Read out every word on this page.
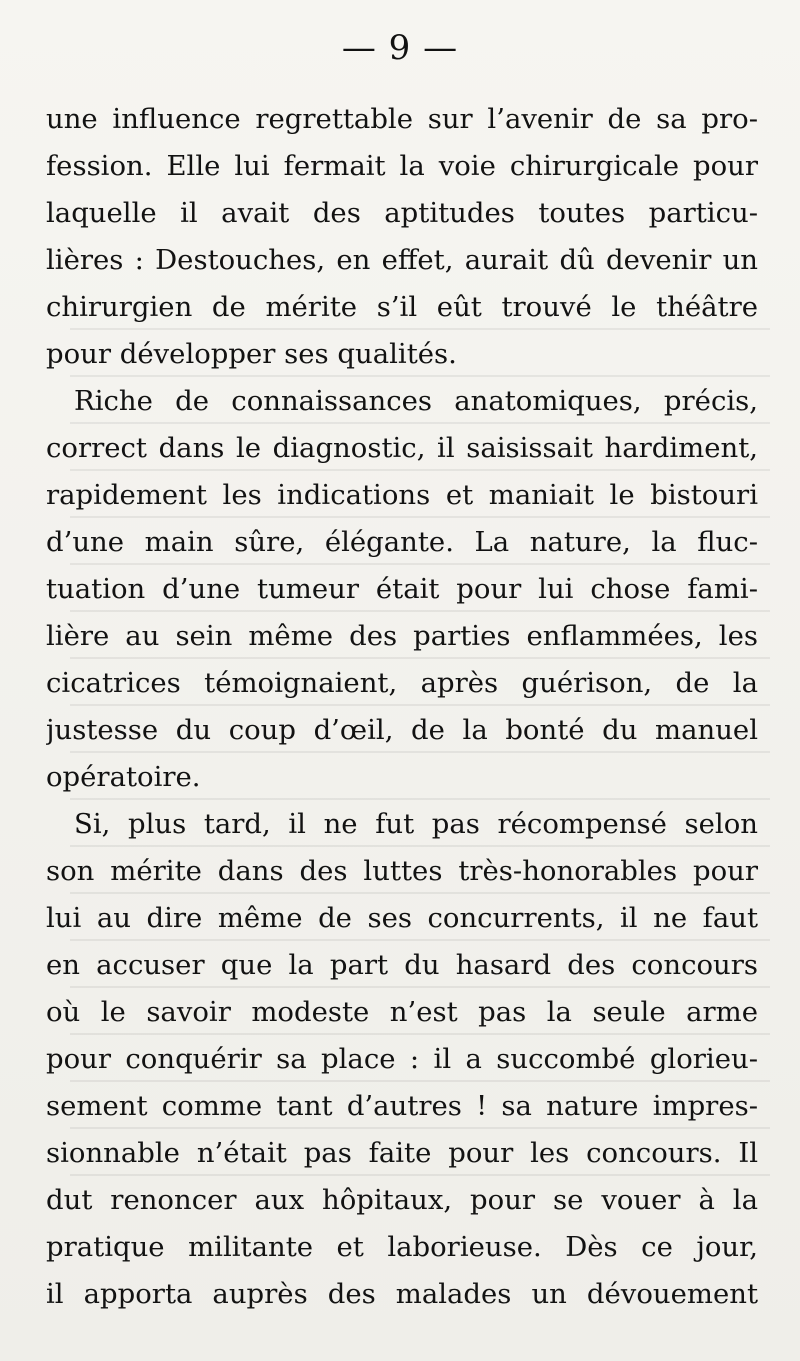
— 9 —
une influence regrettable sur l’avenir de sa pro-
fession. Elle lui fermait la voie chirurgicale pour
laquelle il avait des aptitudes toutes particu-
lières : Destouches, en effet, aurait dû devenir un
chirurgien de mérite s’il eût trouvé le théâtre
pour développer ses qualités.
Riche de connaissances anatomiques, précis,
correct dans le diagnostic, il saisissait hardiment,
rapidement les indications et maniait le bistouri
d’une main sûre, élégante. La nature, la fluc-
tuation d’une tumeur était pour lui chose fami-
lière au sein même des parties enflammées, les
cicatrices témoignaient, après guérison, de la
justesse du coup d’œil, de la bonté du manuel
opératoire.
Si, plus tard, il ne fut pas récompensé selon
son mérite dans des luttes très-honorables pour
lui au dire même de ses concurrents, il ne faut
en accuser que la part du hasard des concours
où le savoir modeste n’est pas la seule arme
pour conquérir sa place : il a succombé glorieu-
sement comme tant d’autres ! sa nature impres-
sionnable n’était pas faite pour les concours. Il
dut renoncer aux hôpitaux, pour se vouer à la
pratique militante et laborieuse. Dès ce jour,
il apporta auprès des malades un dévouement
